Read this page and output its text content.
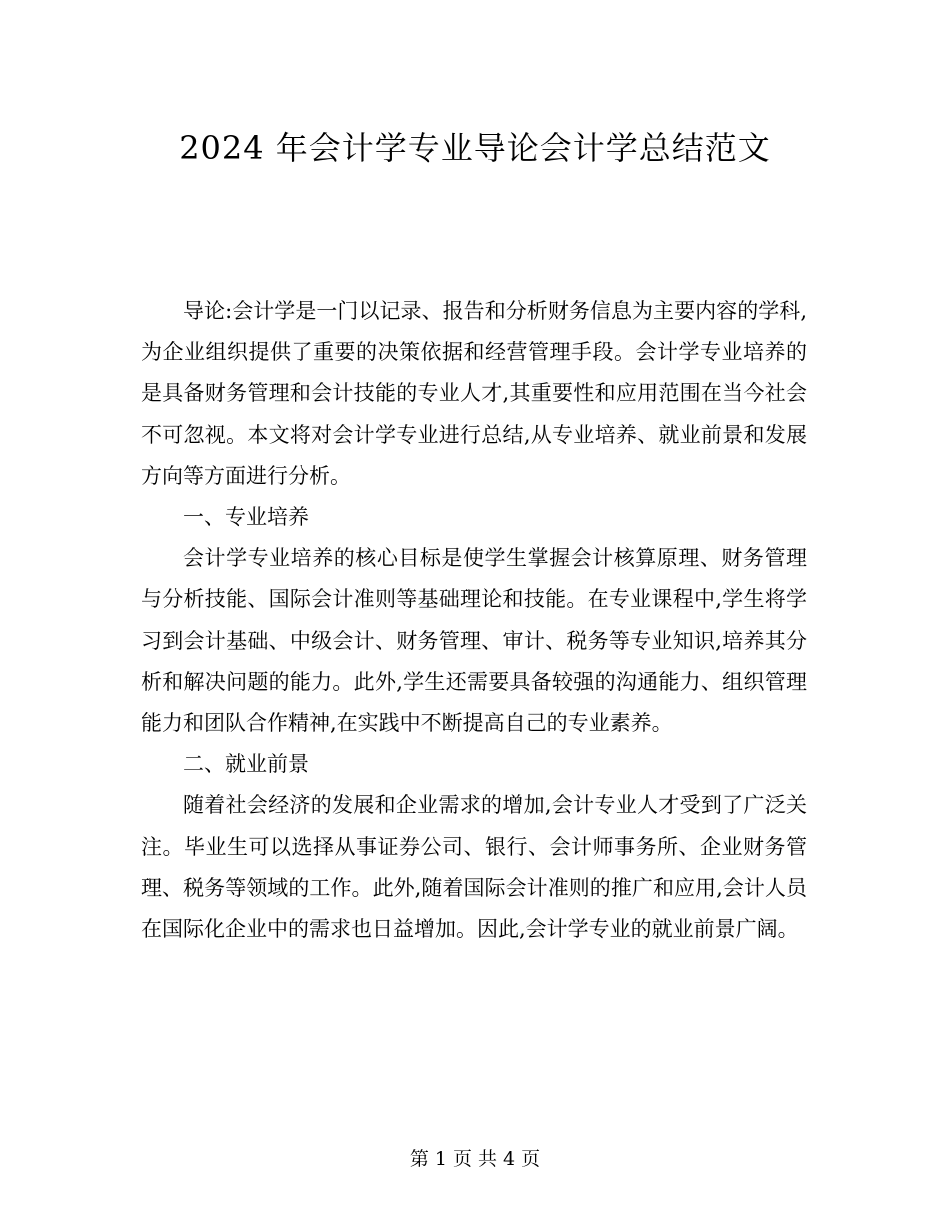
2024 年会计学专业导论会计学总结范文

导论:会计学是一门以记录、报告和分析财务信息为主要内容的学科,为企业组织提供了重要的决策依据和经营管理手段。会计学专业培养的是具备财务管理和会计技能的专业人才,其重要性和应用范围在当今社会不可忽视。本文将对会计学专业进行总结,从专业培养、就业前景和发展方向等方面进行分析。

一、专业培养

会计学专业培养的核心目标是使学生掌握会计核算原理、财务管理与分析技能、国际会计准则等基础理论和技能。在专业课程中,学生将学习到会计基础、中级会计、财务管理、审计、税务等专业知识,培养其分析和解决问题的能力。此外,学生还需要具备较强的沟通能力、组织管理能力和团队合作精神,在实践中不断提高自己的专业素养。

二、就业前景

随着社会经济的发展和企业需求的增加,会计专业人才受到了广泛关注。毕业生可以选择从事证券公司、银行、会计师事务所、企业财务管理、税务等领域的工作。此外,随着国际会计准则的推广和应用,会计人员在国际化企业中的需求也日益增加。因此,会计学专业的就业前景广阔。

第 1 页 共 4 页
